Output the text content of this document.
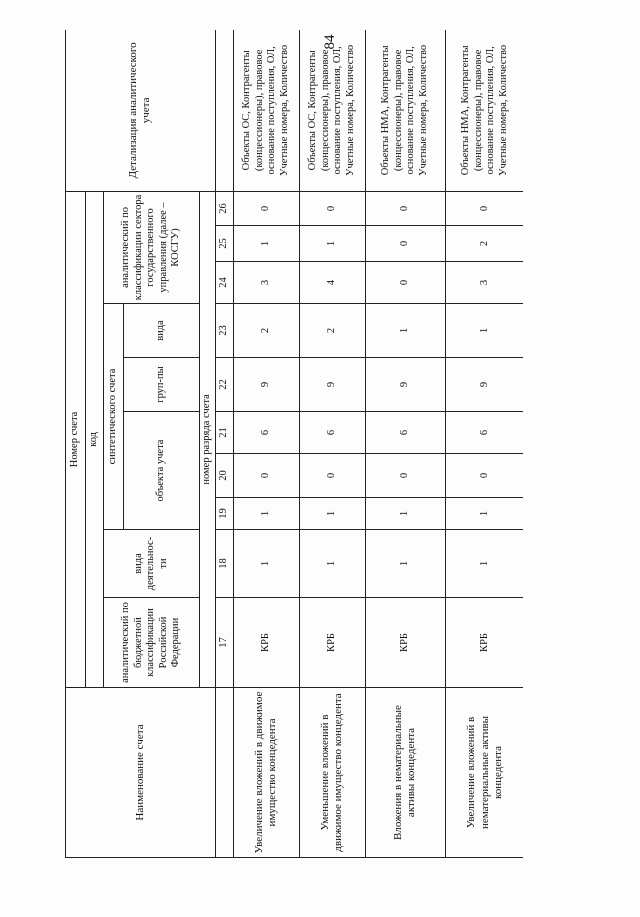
84
Наименование счета	Номер счета										Детализация аналитического учета
	код										
	аналитический по бюджетной классификации Российской Федерации	вида деятельнос-ти	синтетического счета					аналитический по классификации сектора государственного управления (далее – КОСГУ)			
			объекта учета			груп-пы	вида				
	номер разряда счета										
	17	18	19	20	21	22	23	24	25	26	
Увеличение вложений в движимое имущество концедента	КРБ	1	1	0	6	9	2	3	1	0	Объекты ОС, Контрагенты (концессионеры), правовое основание поступления, ОЛ, Учетные номера, Количество
Уменьшение вложений в движимое имущество концедента	КРБ	1	1	0	6	9	2	4	1	0	Объекты ОС, Контрагенты (концессионеры), правовое основание поступления, ОЛ, Учетные номера, Количество
Вложения в нематериальные активы концедента	КРБ	1	1	0	6	9	1	0	0	0	Объекты НМА, Контрагенты (концессионеры), правовое основание поступления, ОЛ, Учетные номера, Количество
Увеличение вложений в нематериальные активы концедента	КРБ	1	1	0	6	9	1	3	2	0	Объекты НМА, Контрагенты (концессионеры), правовое основание поступления, ОЛ, Учетные номера, Количество
